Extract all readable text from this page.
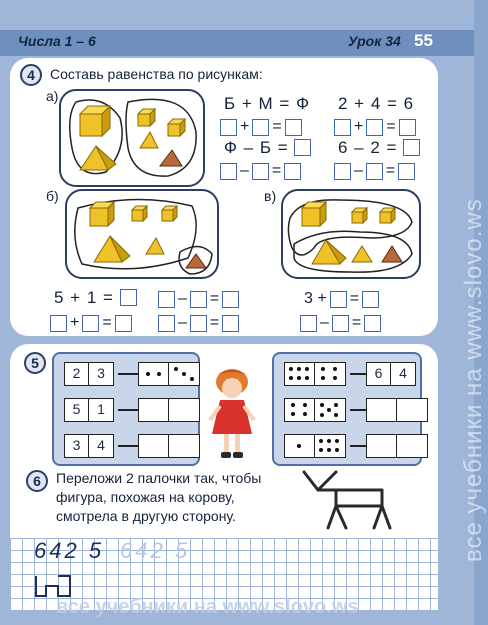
Числа 1 – 6	Урок 34 55
4	Составь равенства по рисункам:
а)	Б + М = Ф 2 + 4 = 6
+ =	+ =
Ф – Б =	6 – 2 =
– =	– =
б)	в)
5 + 1 =	– =
+ =	– =
3 + =
– =
5
2	3
5	1
3	4
6	4
6	Переложи 2 палочки так, чтобы
фигура, похожая на корову,
смотрела в другую сторону.
642 5 642 5	все учебники на www.slovo.ws
все учебники на www.slovo.ws
